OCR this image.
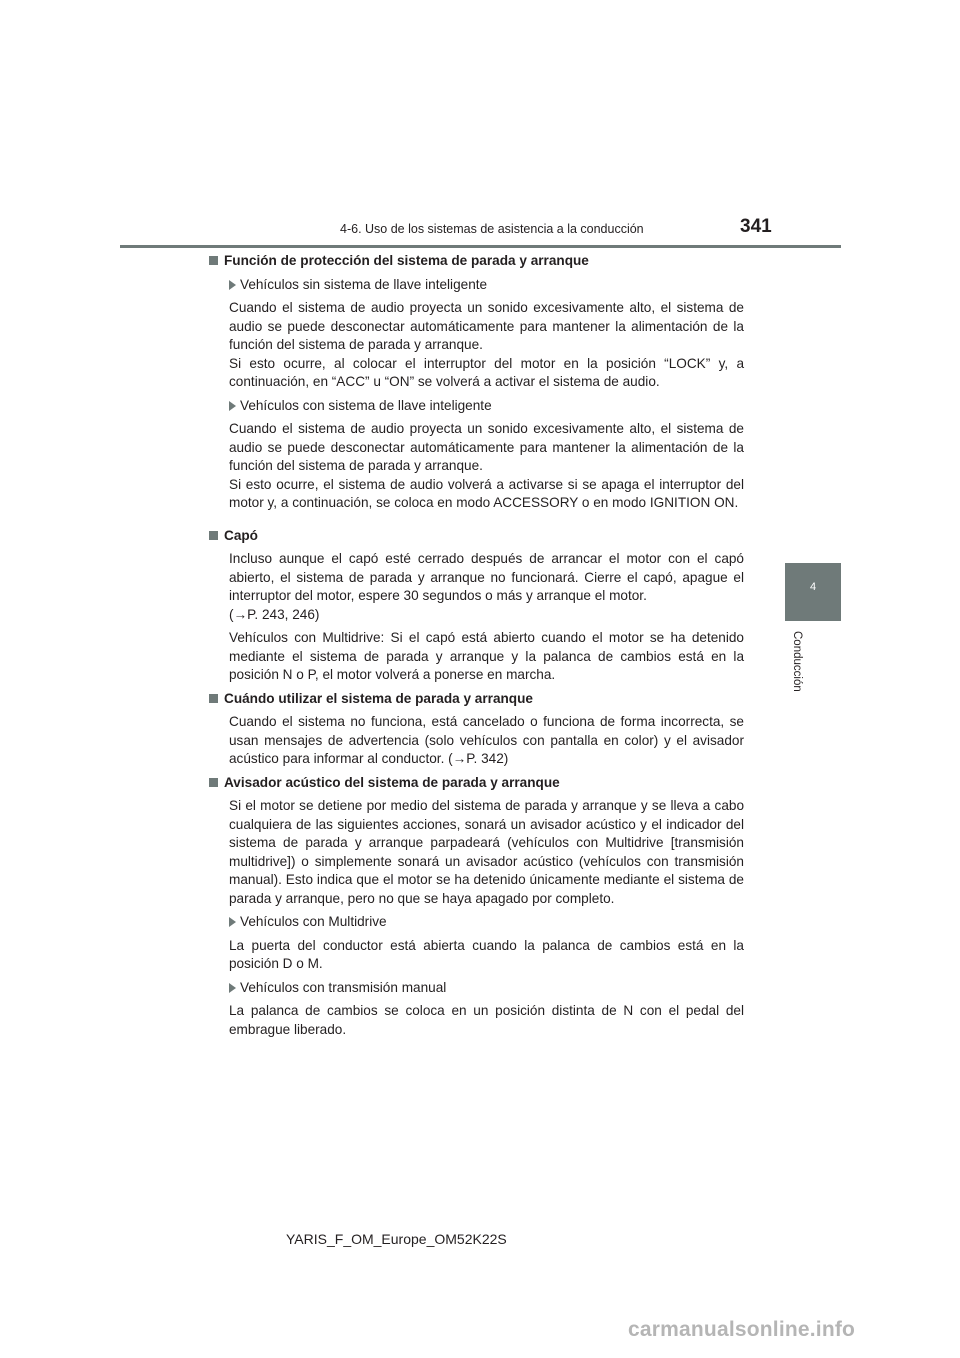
4-6. Uso de los sistemas de asistencia a la conducción	341
4
Conducción
Función de protección del sistema de parada y arranque
Vehículos sin sistema de llave inteligente
Cuando el sistema de audio proyecta un sonido excesivamente alto, el sistema de audio se puede desconectar automáticamente para mantener la alimentación de la función del sistema de parada y arranque.
Si esto ocurre, al colocar el interruptor del motor en la posición “LOCK” y, a continuación, en “ACC” u “ON” se volverá a activar el sistema de audio.
Vehículos con sistema de llave inteligente
Cuando el sistema de audio proyecta un sonido excesivamente alto, el sistema de audio se puede desconectar automáticamente para mantener la alimentación de la función del sistema de parada y arranque.
Si esto ocurre, el sistema de audio volverá a activarse si se apaga el interruptor del motor y, a continuación, se coloca en modo ACCESSORY o en modo IGNITION ON.
Capó
Incluso aunque el capó esté cerrado después de arrancar el motor con el capó abierto, el sistema de parada y arranque no funcionará. Cierre el capó, apague el interruptor del motor, espere 30 segundos o más y arranque el motor.
(→P. 243, 246)
Vehículos con Multidrive: Si el capó está abierto cuando el motor se ha detenido mediante el sistema de parada y arranque y la palanca de cambios está en la posición N o P, el motor volverá a ponerse en marcha.
Cuándo utilizar el sistema de parada y arranque
Cuando el sistema no funciona, está cancelado o funciona de forma incorrecta, se usan mensajes de advertencia (solo vehículos con pantalla en color) y el avisador acústico para informar al conductor. (→P. 342)
Avisador acústico del sistema de parada y arranque
Si el motor se detiene por medio del sistema de parada y arranque y se lleva a cabo cualquiera de las siguientes acciones, sonará un avisador acústico y el indicador del sistema de parada y arranque parpadeará (vehículos con Multidrive [transmisión multidrive]) o simplemente sonará un avisador acústico (vehículos con transmisión manual). Esto indica que el motor se ha detenido únicamente mediante el sistema de parada y arranque, pero no que se haya apagado por completo.
Vehículos con Multidrive
La puerta del conductor está abierta cuando la palanca de cambios está en la posición D o M.
Vehículos con transmisión manual
La palanca de cambios se coloca en un posición distinta de N con el pedal del embrague liberado.
YARIS_F_OM_Europe_OM52K22S
carmanualsonline.info
